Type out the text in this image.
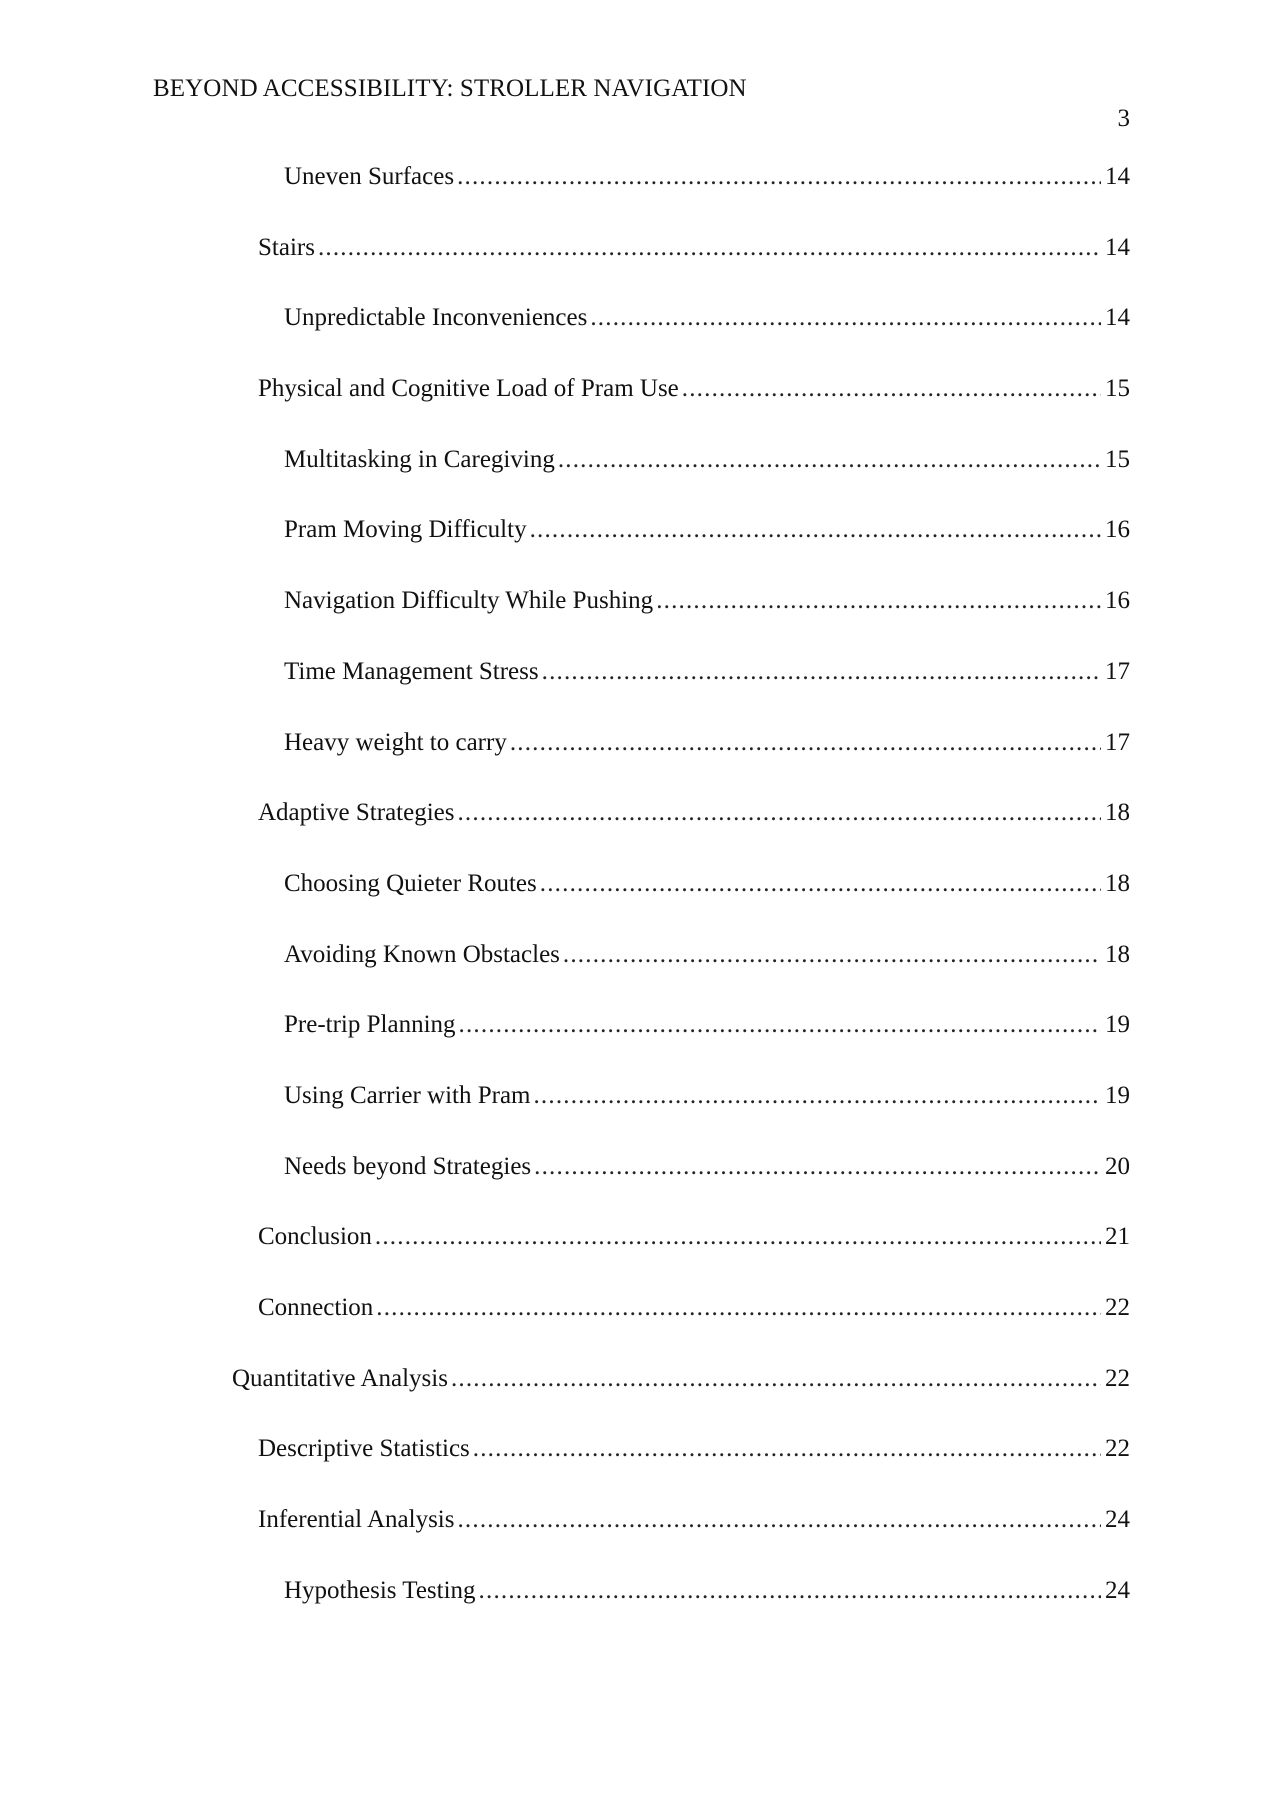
BEYOND ACCESSIBILITY: STROLLER NAVIGATION
3
Uneven Surfaces .....	14
Stairs .....	14
Unpredictable Inconveniences .....	14
Physical and Cognitive Load of Pram Use .....	15
Multitasking in Caregiving .....	15
Pram Moving Difficulty .....	16
Navigation Difficulty While Pushing .....	16
Time Management Stress .....	17
Heavy weight to carry .....	17
Adaptive Strategies .....	18
Choosing Quieter Routes .....	18
Avoiding Known Obstacles .....	18
Pre-trip Planning .....	19
Using Carrier with Pram .....	19
Needs beyond Strategies .....	20
Conclusion .....	21
Connection .....	22
Quantitative Analysis .....	22
Descriptive Statistics .....	22
Inferential Analysis .....	24
Hypothesis Testing .....	24
